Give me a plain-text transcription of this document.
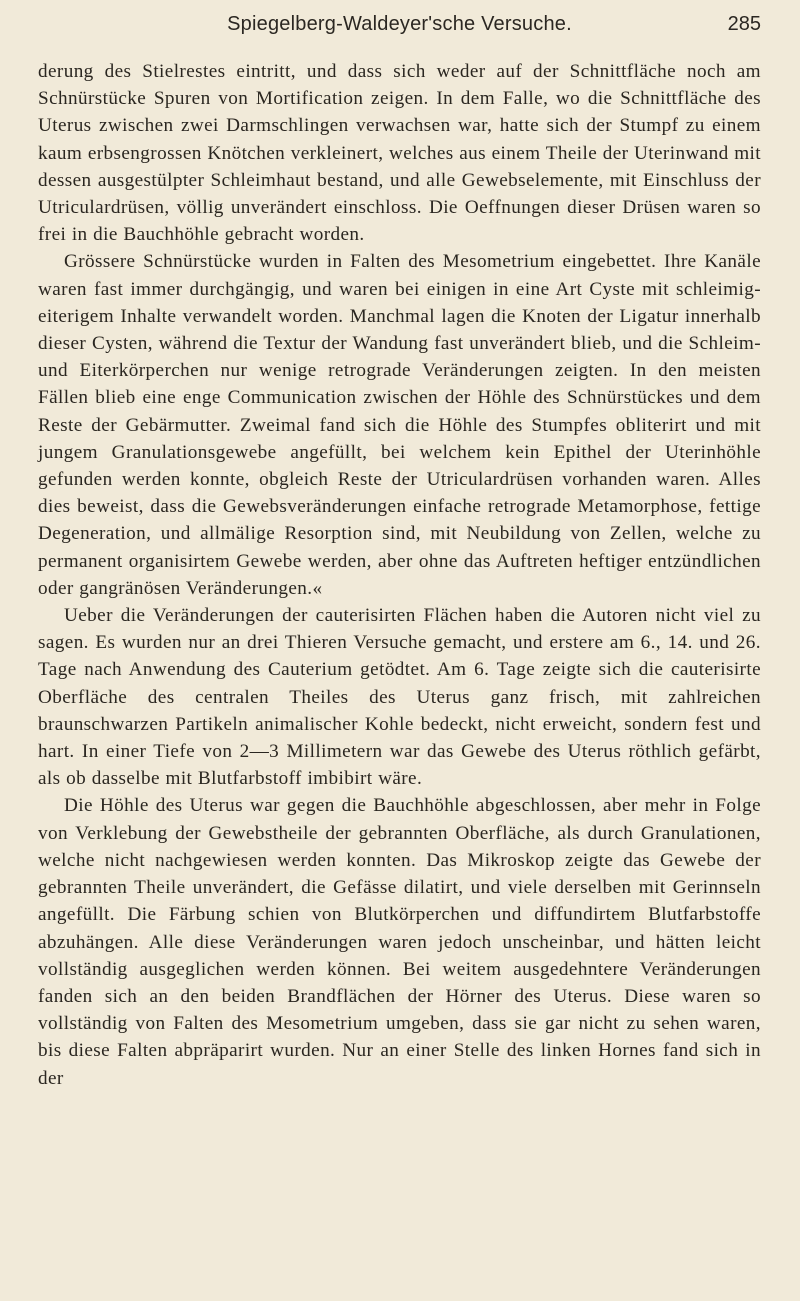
Spiegelberg-Waldeyer'sche Versuche.	285

derung des Stielrestes eintritt, und dass sich weder auf der Schnittfläche noch am Schnürstücke Spuren von Mortification zeigen. In dem Falle, wo die Schnittfläche des Uterus zwischen zwei Darmschlingen verwachsen war, hatte sich der Stumpf zu einem kaum erbsengrossen Knötchen verkleinert, welches aus einem Theile der Uterinwand mit dessen ausgestülpter Schleimhaut bestand, und alle Gewebselemente, mit Einschluss der Utriculardrüsen, völlig unverändert einschloss. Die Oeffnungen dieser Drüsen waren so frei in die Bauchhöhle gebracht worden.

Grössere Schnürstücke wurden in Falten des Mesometrium eingebettet. Ihre Kanäle waren fast immer durchgängig, und waren bei einigen in eine Art Cyste mit schleimig-eiterigem Inhalte verwandelt worden. Manchmal lagen die Knoten der Ligatur innerhalb dieser Cysten, während die Textur der Wandung fast unverändert blieb, und die Schleim- und Eiterkörperchen nur wenige retrograde Veränderungen zeigten. In den meisten Fällen blieb eine enge Communication zwischen der Höhle des Schnürstückes und dem Reste der Gebärmutter. Zweimal fand sich die Höhle des Stumpfes obliterirt und mit jungem Granulationsgewebe angefüllt, bei welchem kein Epithel der Uterinhöhle gefunden werden konnte, obgleich Reste der Utriculardrüsen vorhanden waren. Alles dies beweist, dass die Gewebsveränderungen einfache retrograde Metamorphose, fettige Degeneration, und allmälige Resorption sind, mit Neubildung von Zellen, welche zu permanent organisirtem Gewebe werden, aber ohne das Auftreten heftiger entzündlichen oder gangränösen Veränderungen.«

Ueber die Veränderungen der cauterisirten Flächen haben die Autoren nicht viel zu sagen. Es wurden nur an drei Thieren Versuche gemacht, und erstere am 6., 14. und 26. Tage nach Anwendung des Cauterium getödtet. Am 6. Tage zeigte sich die cauterisirte Oberfläche des centralen Theiles des Uterus ganz frisch, mit zahlreichen braunschwarzen Partikeln animalischer Kohle bedeckt, nicht erweicht, sondern fest und hart. In einer Tiefe von 2—3 Millimetern war das Gewebe des Uterus röthlich gefärbt, als ob dasselbe mit Blutfarbstoff imbibirt wäre.

Die Höhle des Uterus war gegen die Bauchhöhle abgeschlossen, aber mehr in Folge von Verklebung der Gewebstheile der gebrannten Oberfläche, als durch Granulationen, welche nicht nachgewiesen werden konnten. Das Mikroskop zeigte das Gewebe der gebrannten Theile unverändert, die Gefässe dilatirt, und viele derselben mit Gerinnseln angefüllt. Die Färbung schien von Blutkörperchen und diffundirtem Blutfarbstoffe abzuhängen. Alle diese Veränderungen waren jedoch unscheinbar, und hätten leicht vollständig ausgeglichen werden können. Bei weitem ausgedehntere Veränderungen fanden sich an den beiden Brandflächen der Hörner des Uterus. Diese waren so vollständig von Falten des Mesometrium umgeben, dass sie gar nicht zu sehen waren, bis diese Falten abpräparirt wurden. Nur an einer Stelle des linken Hornes fand sich in der
